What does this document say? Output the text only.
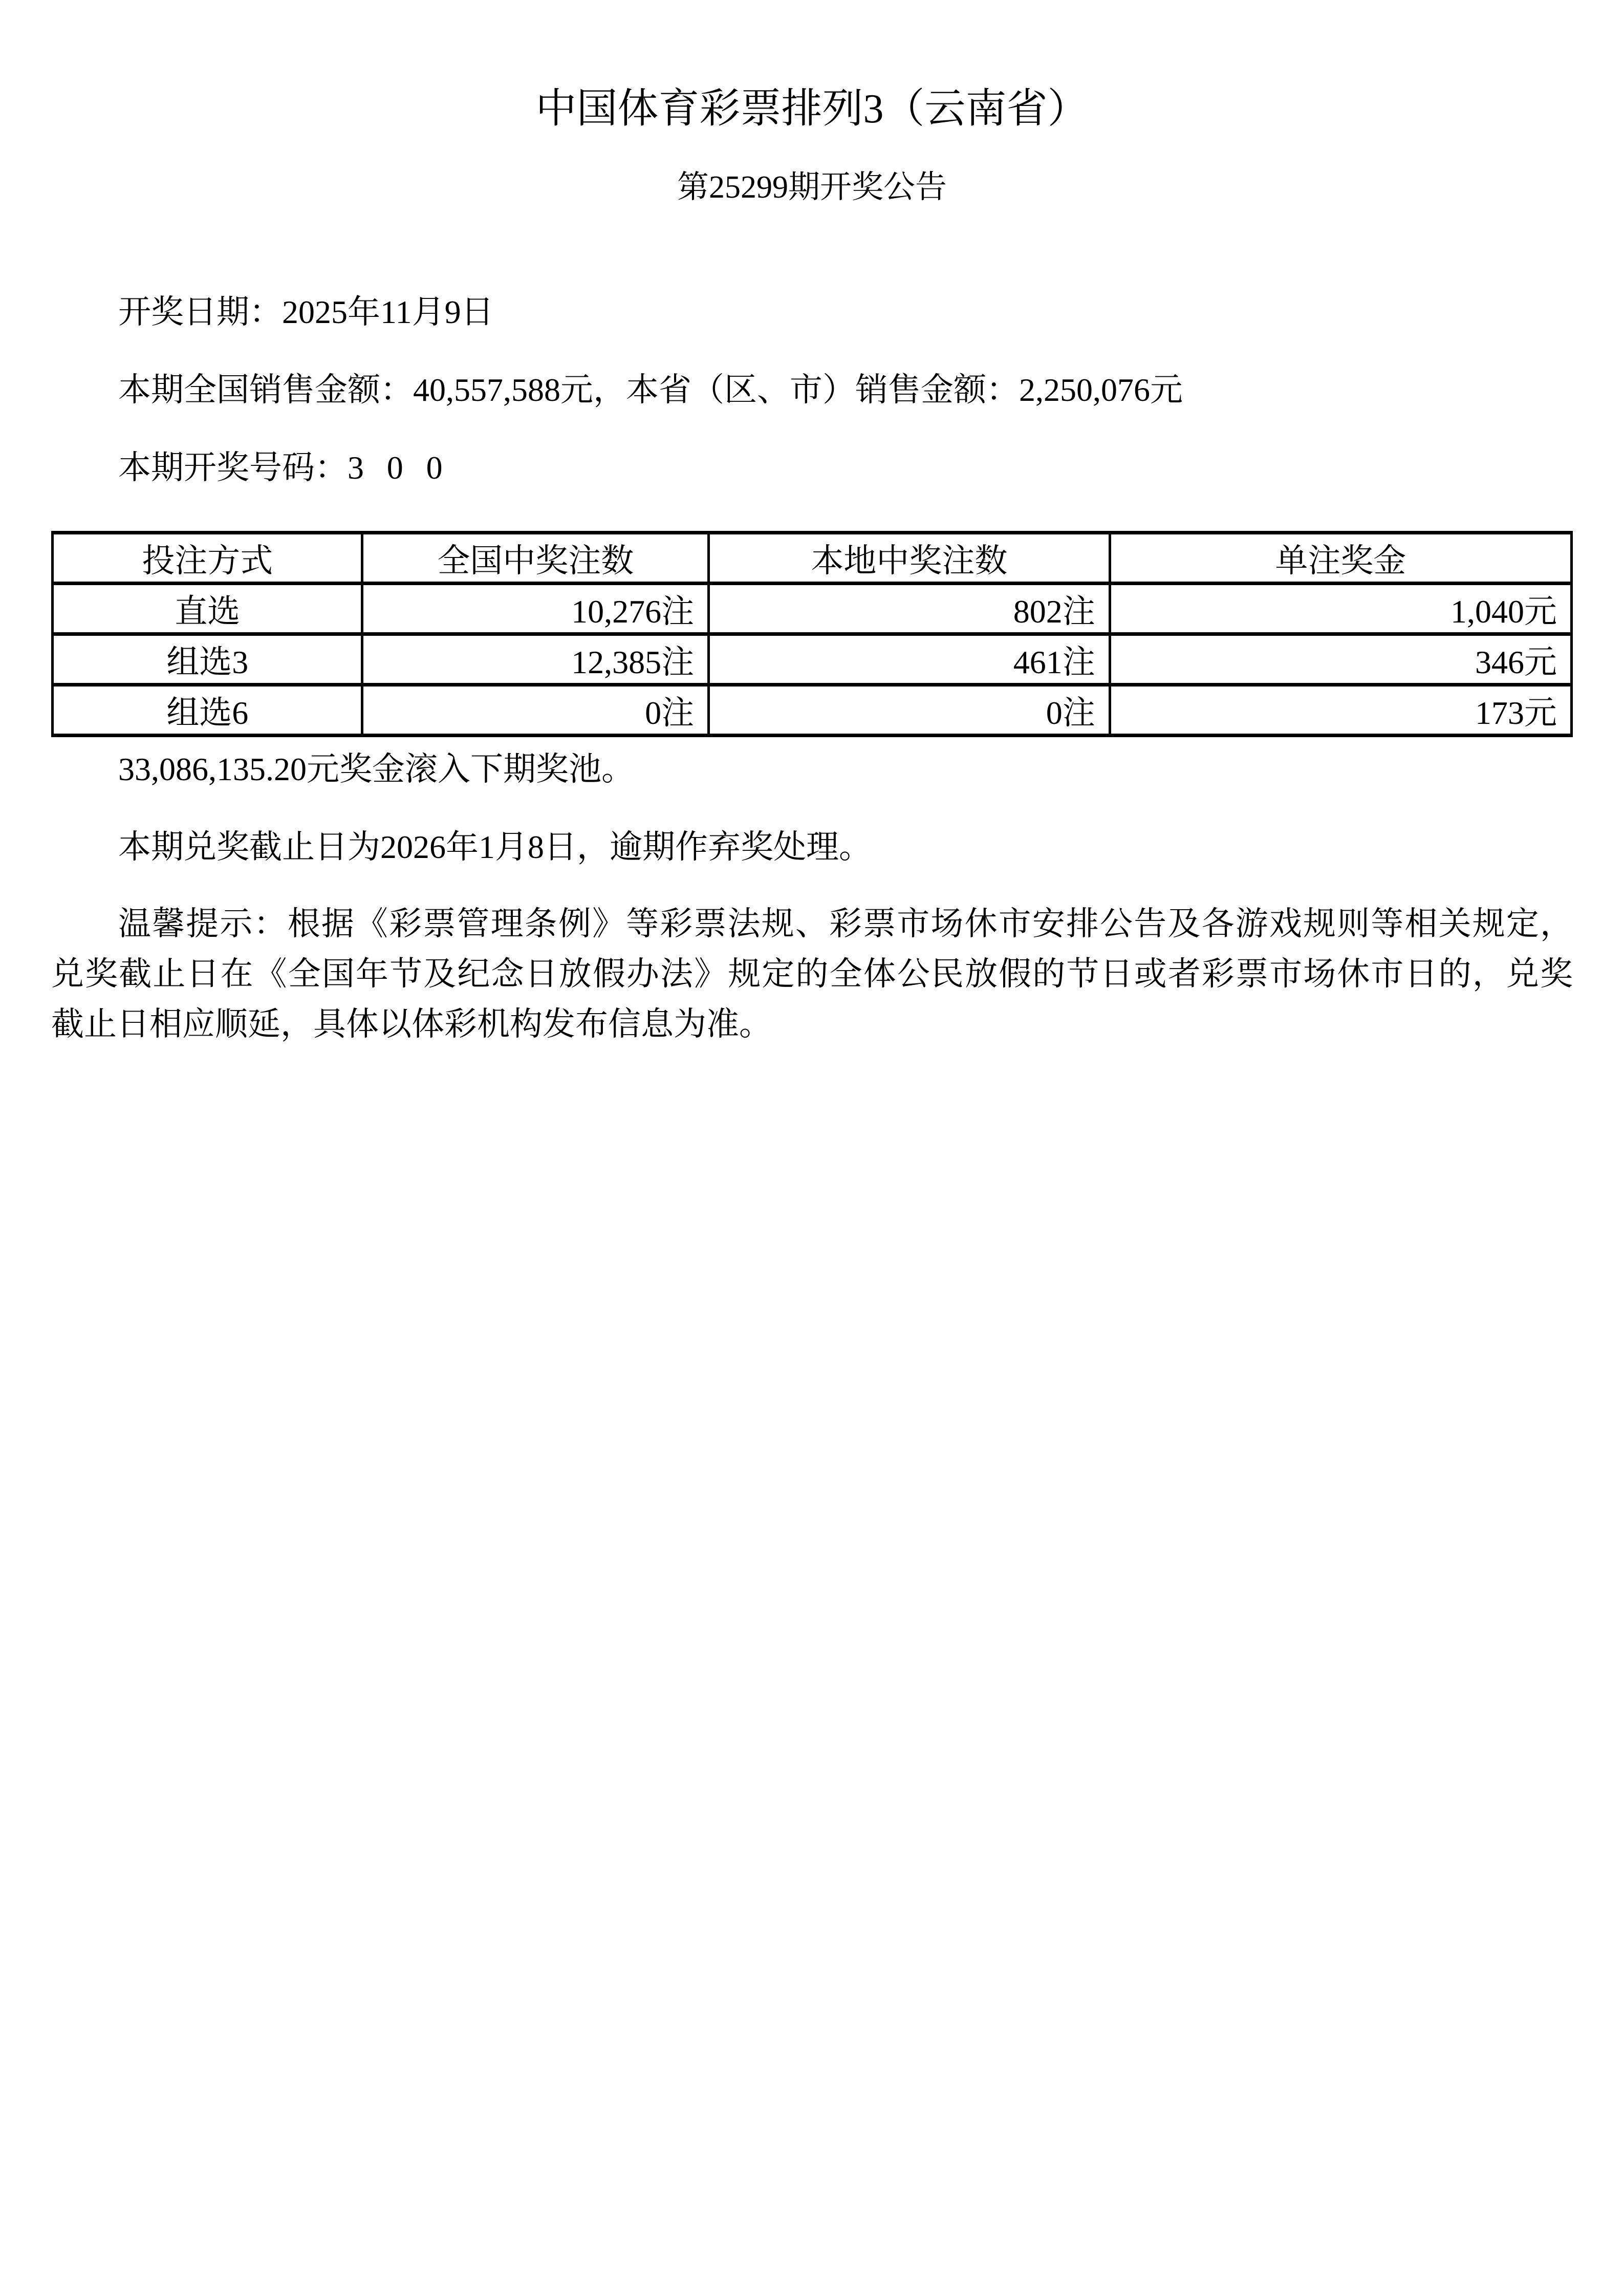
中国体育彩票排列3（云南省）
第25299期开奖公告

开奖日期：2025年11月9日

本期全国销售金额：40,557,588元，本省（区、市）销售金额：2,250,076元

本期开奖号码：3 0 0

投注方式	全国中奖注数	本地中奖注数	单注奖金
直选	10,276注	802注	1,040元
组选3	12,385注	461注	346元
组选6	0注	0注	173元

33,086,135.20元奖金滚入下期奖池。

本期兑奖截止日为2026年1月8日，逾期作弃奖处理。

温馨提示：根据《彩票管理条例》等彩票法规、彩票市场休市安排公告及各游戏规则等相关规定，
兑奖截止日在《全国年节及纪念日放假办法》规定的全体公民放假的节日或者彩票市场休市日的，兑奖
截止日相应顺延，具体以体彩机构发布信息为准。
